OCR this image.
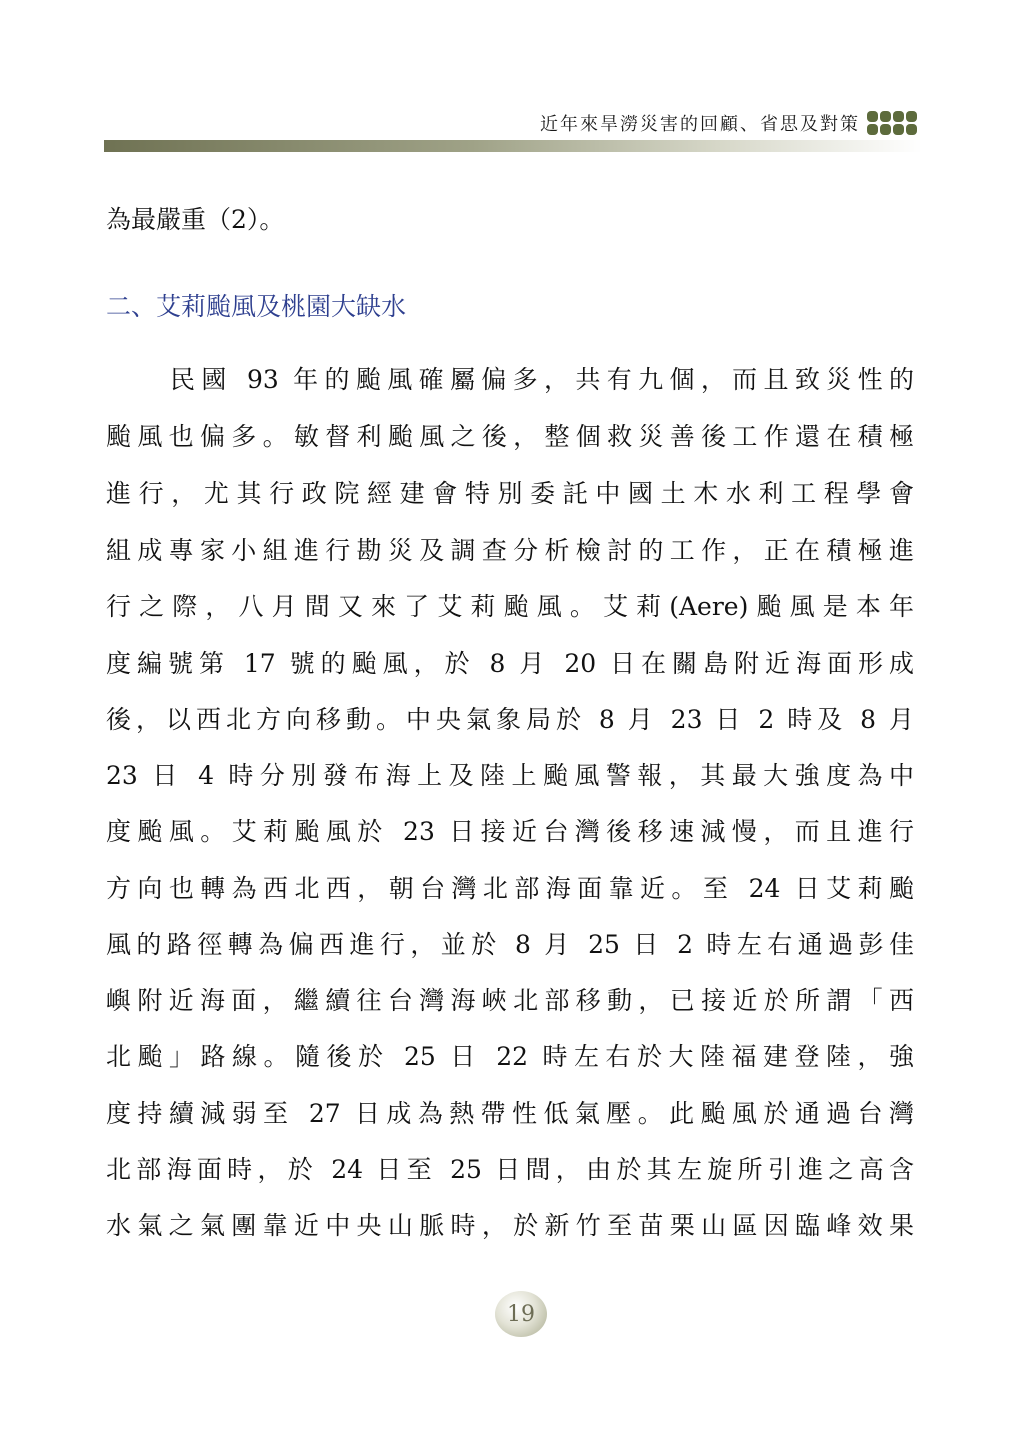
近年來旱澇災害的回顧、省思及對策

為最嚴重（2）。

二、艾莉颱風及桃園大缺水

民國 93 年的颱風確屬偏多，共有九個，而且致災性的

颱風也偏多。敏督利颱風之後，整個救災善後工作還在積極

進行，尤其行政院經建會特別委託中國土木水利工程學會

組成專家小組進行勘災及調查分析檢討的工作，正在積極進

行之際，八月間又來了艾莉颱風。艾莉(Aere)颱風是本年

度編號第 17 號的颱風，於 8 月 20 日在關島附近海面形成

後，以西北方向移動。中央氣象局於 8 月 23 日 2 時及 8 月

23 日 4 時分別發布海上及陸上颱風警報，其最大強度為中

度颱風。艾莉颱風於 23 日接近台灣後移速減慢，而且進行

方向也轉為西北西，朝台灣北部海面靠近。至 24 日艾莉颱

風的路徑轉為偏西進行，並於 8 月 25 日 2 時左右通過彭佳

嶼附近海面，繼續往台灣海峽北部移動，已接近於所謂「西

北颱」路線。隨後於 25 日 22 時左右於大陸福建登陸，強

度持續減弱至 27 日成為熱帶性低氣壓。此颱風於通過台灣

北部海面時，於 24 日至 25 日間，由於其左旋所引進之高含

水氣之氣團靠近中央山脈時，於新竹至苗栗山區因臨峰效果

19
